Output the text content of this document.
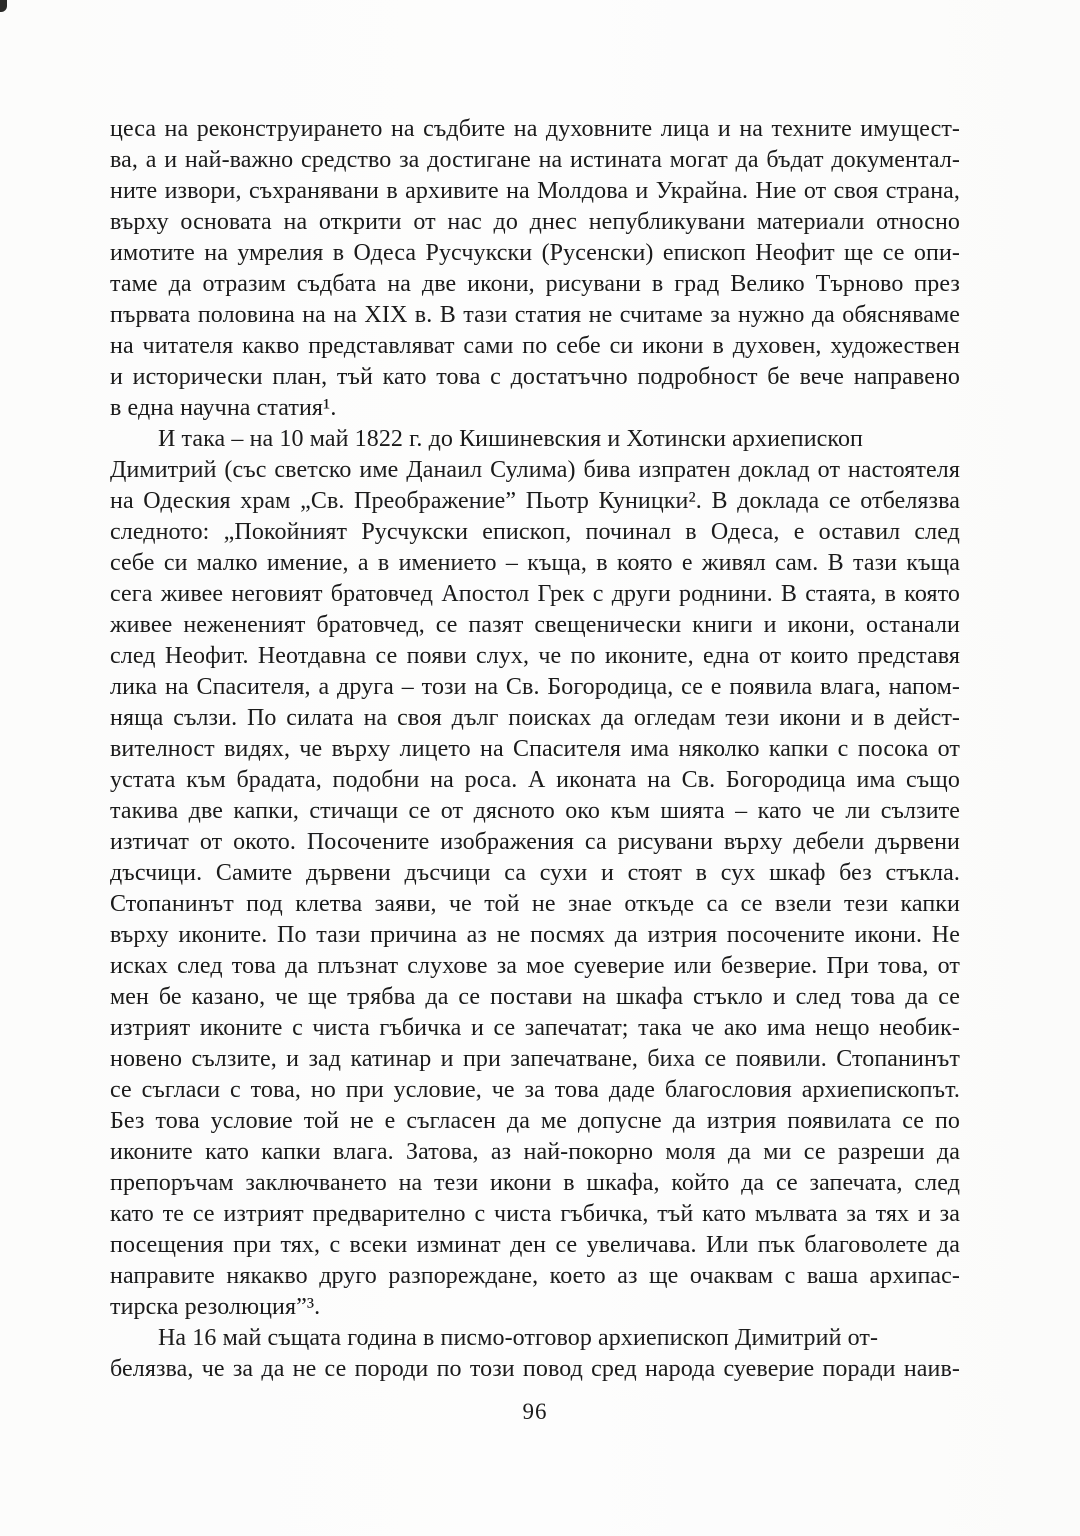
цеса на реконструирането на съдбите на духовните лица и на техните имущест-
ва, а и най-важно средство за достигане на истината могат да бъдат документал-
ните извори, съхранявани в архивите на Молдова и Украйна. Ние от своя страна,
върху основата на открити от нас до днес непубликувани материали относно
имотите на умрелия в Одеса Русчукски (Русенски) епископ Неофит ще се опи-
таме да отразим съдбата на две икони, рисувани в град Велико Търново през
първата половина на на XIX в. В тази статия не считаме за нужно да обясняваме
на читателя какво представляват сами по себе си икони в духовен, художествен
и исторически план, тъй като това с достатъчно подробност бе вече направено
в една научна статия¹.
И така – на 10 май 1822 г. до Кишиневския и Хотински архиепископ
Димитрий (със светско име Данаил Сулима) бива изпратен доклад от настоятеля
на Одеския храм „Св. Преображение” Пьотр Куницки². В доклада се отбелязва
следното: „Покойният Русчукски епископ, починал в Одеса, е оставил след
себе си малко имение, а в имението – къща, в която е живял сам. В тази къща
сега живее неговият братовчед Апостол Грек с други роднини. В стаята, в която
живее нежененият братовчед, се пазят свещенически книги и икони, останали
след Неофит. Неотдавна се появи слух, че по иконите, една от които представя
лика на Спасителя, а друга – този на Св. Богородица, се е появила влага, напом-
няща сълзи. По силата на своя дълг поисках да огледам тези икони и в дейст-
вителност видях, че върху лицето на Спасителя има няколко капки с посока от
устата към брадата, подобни на роса. А иконата на Св. Богородица има също
такива две капки, стичащи се от дясното око към шията – като че ли сълзите
изтичат от окото. Посочените изображения са рисувани върху дебели дървени
дъсчици. Самите дървени дъсчици са сухи и стоят в сух шкаф без стъкла.
Стопанинът под клетва заяви, че той не знае откъде са се взели тези капки
върху иконите. По тази причина аз не посмях да изтрия посочените икони. Не
исках след това да плъзнат слухове за мое суеверие или безверие. При това, от
мен бе казано, че ще трябва да се постави на шкафа стъкло и след това да се
изтрият иконите с чиста гъбичка и се запечатат; така че ако има нещо необик-
новено сълзите, и зад катинар и при запечатване, биха се появили. Стопанинът
се съгласи с това, но при условие, че за това даде благословия архиепископът.
Без това условие той не е съгласен да ме допусне да изтрия появилата се по
иконите като капки влага. Затова, аз най-покорно моля да ми се разреши да
препоръчам заключването на тези икони в шкафа, който да се запечата, след
като те се изтрият предварително с чиста гъбичка, тъй като мълвата за тях и за
посещения при тях, с всеки изминат ден се увеличава. Или пък благоволете да
направите някакво друго разпореждане, което аз ще очаквам с ваша архипас-
тирска резолюция”³.
На 16 май същата година в писмо-отговор архиепископ Димитрий от-
белязва, че за да не се породи по този повод сред народа суеверие поради наив-
96
